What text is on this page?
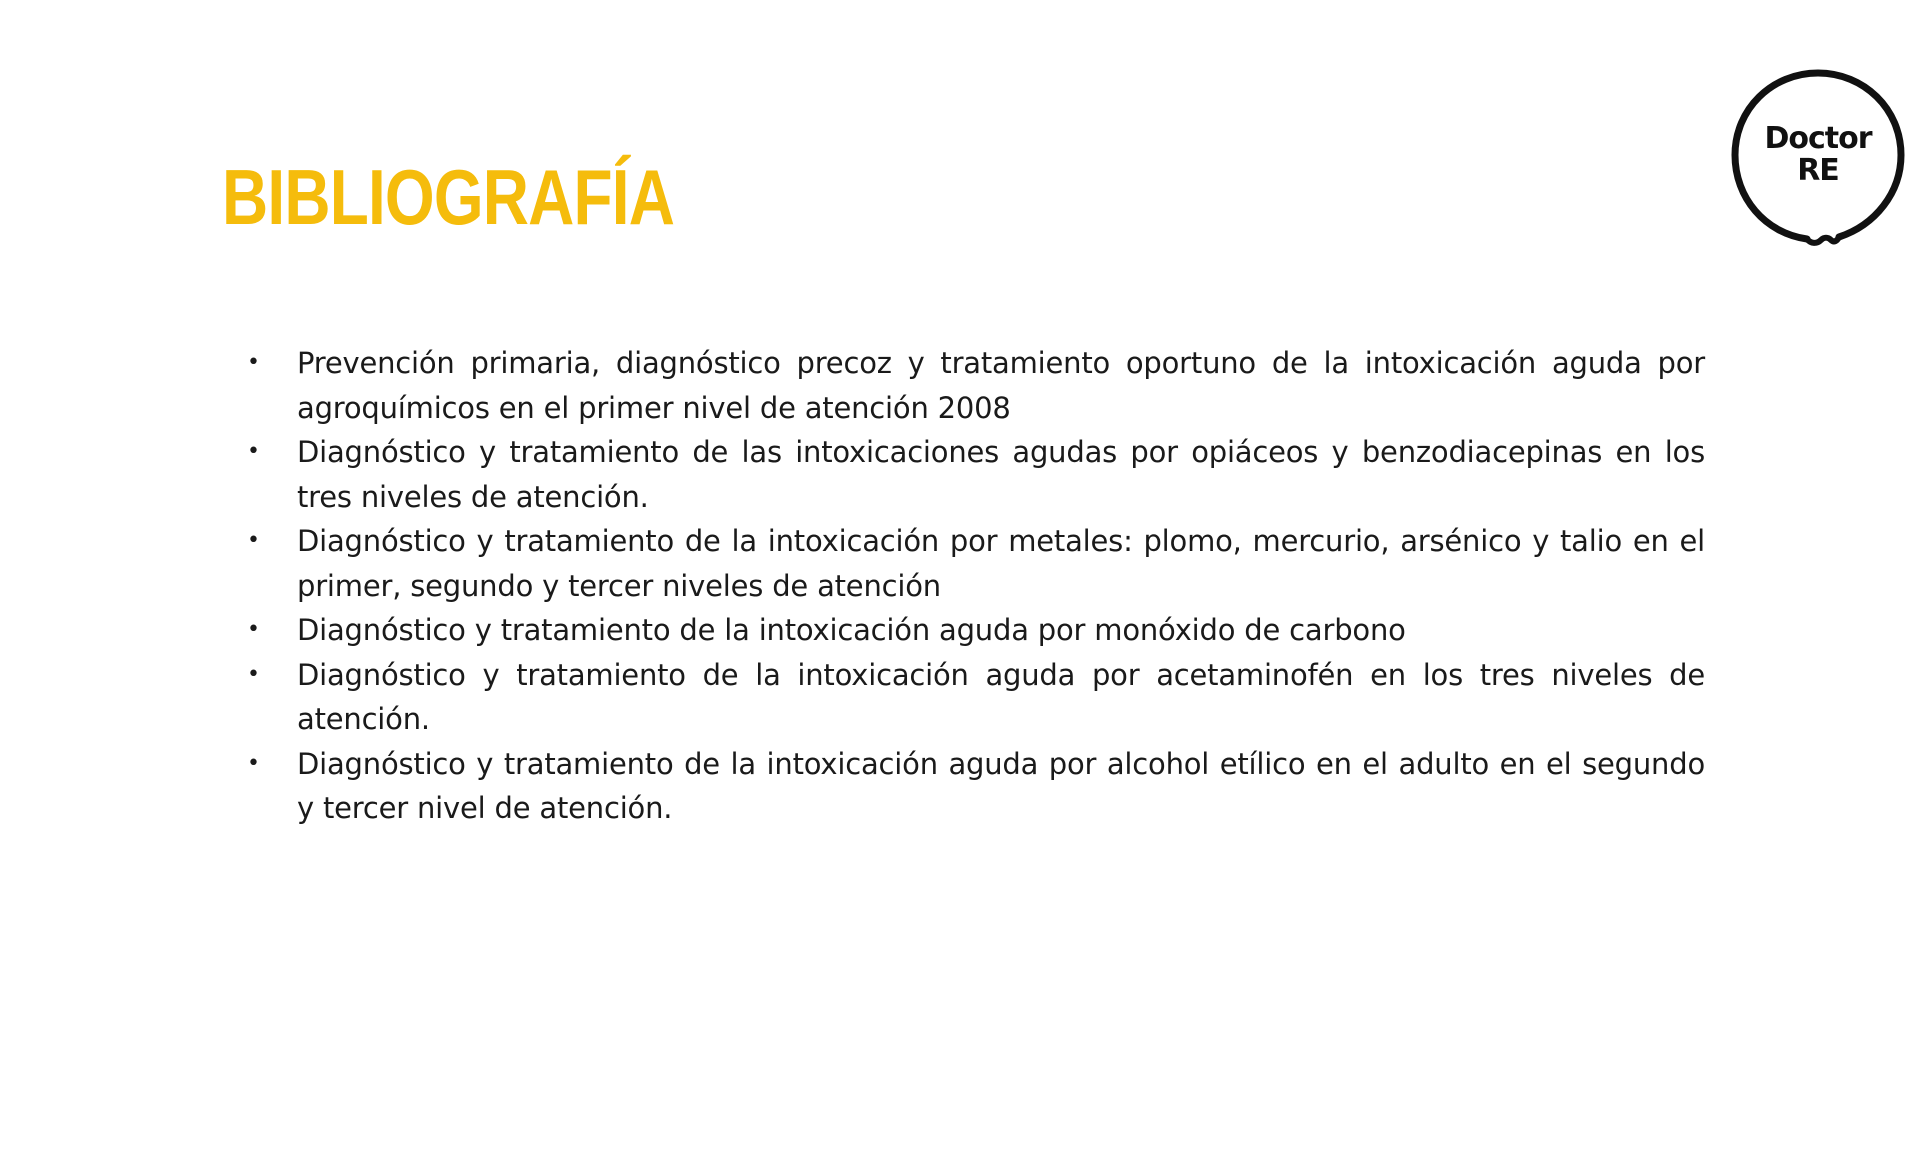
BIBLIOGRAFÍA
Doctor
RE
• Prevención primaria, diagnóstico precoz y tratamiento oportuno de la intoxicación aguda por agroquímicos en el primer nivel de atención 2008
• Diagnóstico y tratamiento de las intoxicaciones agudas por opiáceos y benzodiacepinas en los tres niveles de atención.
• Diagnóstico y tratamiento de la intoxicación por metales: plomo, mercurio, arsénico y talio en el primer, segundo y tercer niveles de atención
• Diagnóstico y tratamiento de la intoxicación aguda por monóxido de carbono
• Diagnóstico y tratamiento de la intoxicación aguda por acetaminofén en los tres niveles de atención.
• Diagnóstico y tratamiento de la intoxicación aguda por alcohol etílico en el adulto en el segundo y tercer nivel de atención.
